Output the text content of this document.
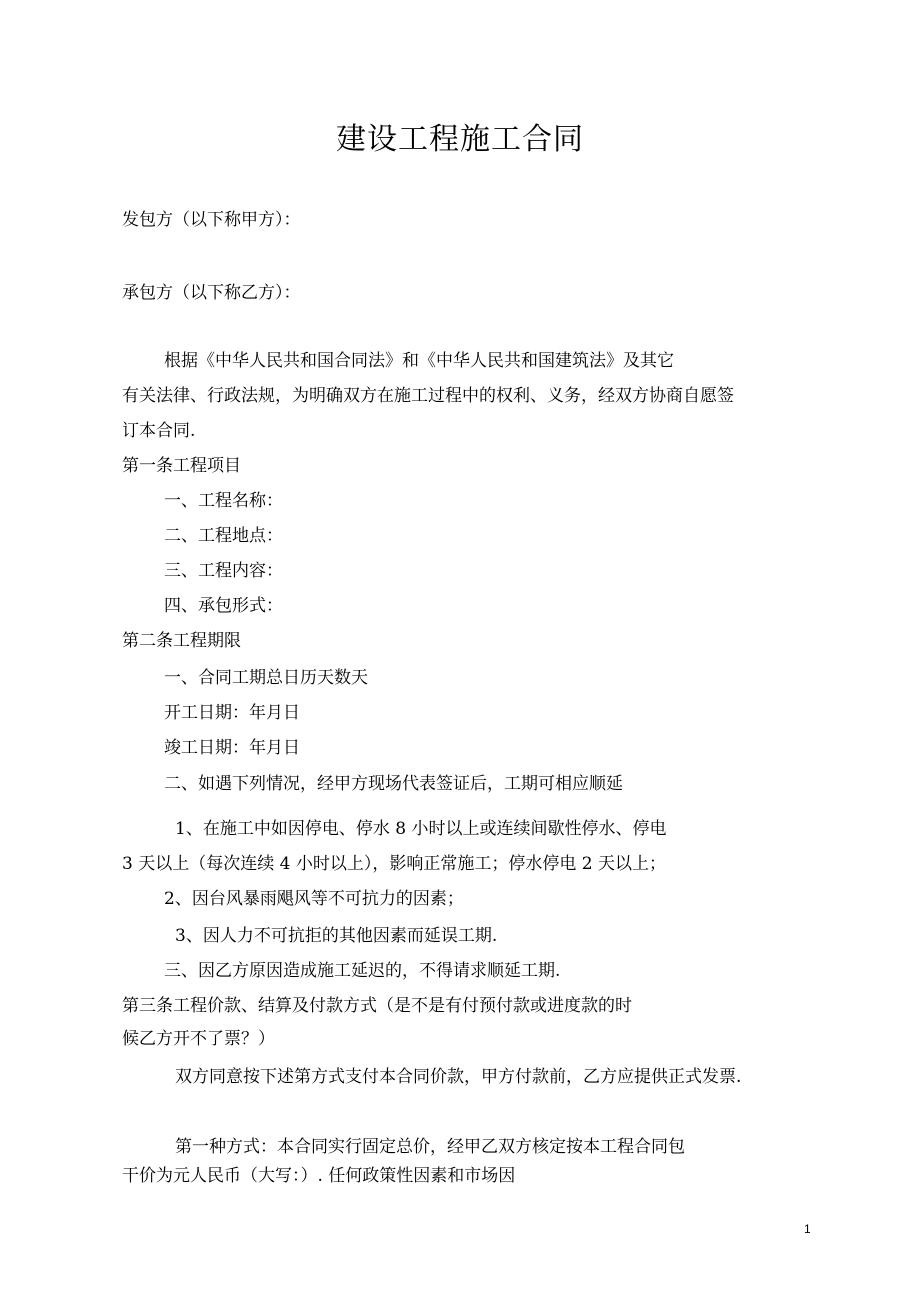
建设工程施工合同
发包方（以下称甲方）：
承包方（以下称乙方）：
根据《中华人民共和国合同法》和《中华人民共和国建筑法》及其它
有关法律、行政法规，为明确双方在施工过程中的权利、义务，经双方协商自愿签
订本合同.
第一条工程项目
一、工程名称：
二、工程地点：
三、工程内容：
四、承包形式：
第二条工程期限
一、合同工期总日历天数天
开工日期：年月日
竣工日期：年月日
二、如遇下列情况，经甲方现场代表签证后，工期可相应顺延
1、在施工中如因停电、停水 8 小时以上或连续间歇性停水、停电
3 天以上（每次连续 4 小时以上），影响正常施工；停水停电 2 天以上；
2、因台风暴雨飓风等不可抗力的因素；
3、因人力不可抗拒的其他因素而延误工期.
三、因乙方原因造成施工延迟的，不得请求顺延工期.
第三条工程价款、结算及付款方式（是不是有付预付款或进度款的时
候乙方开不了票？）
双方同意按下述第方式支付本合同价款，甲方付款前，乙方应提供正式发票.
第一种方式：本合同实行固定总价，经甲乙双方核定按本工程合同包
干价为元人民币（大写：）. 任何政策性因素和市场因
1
